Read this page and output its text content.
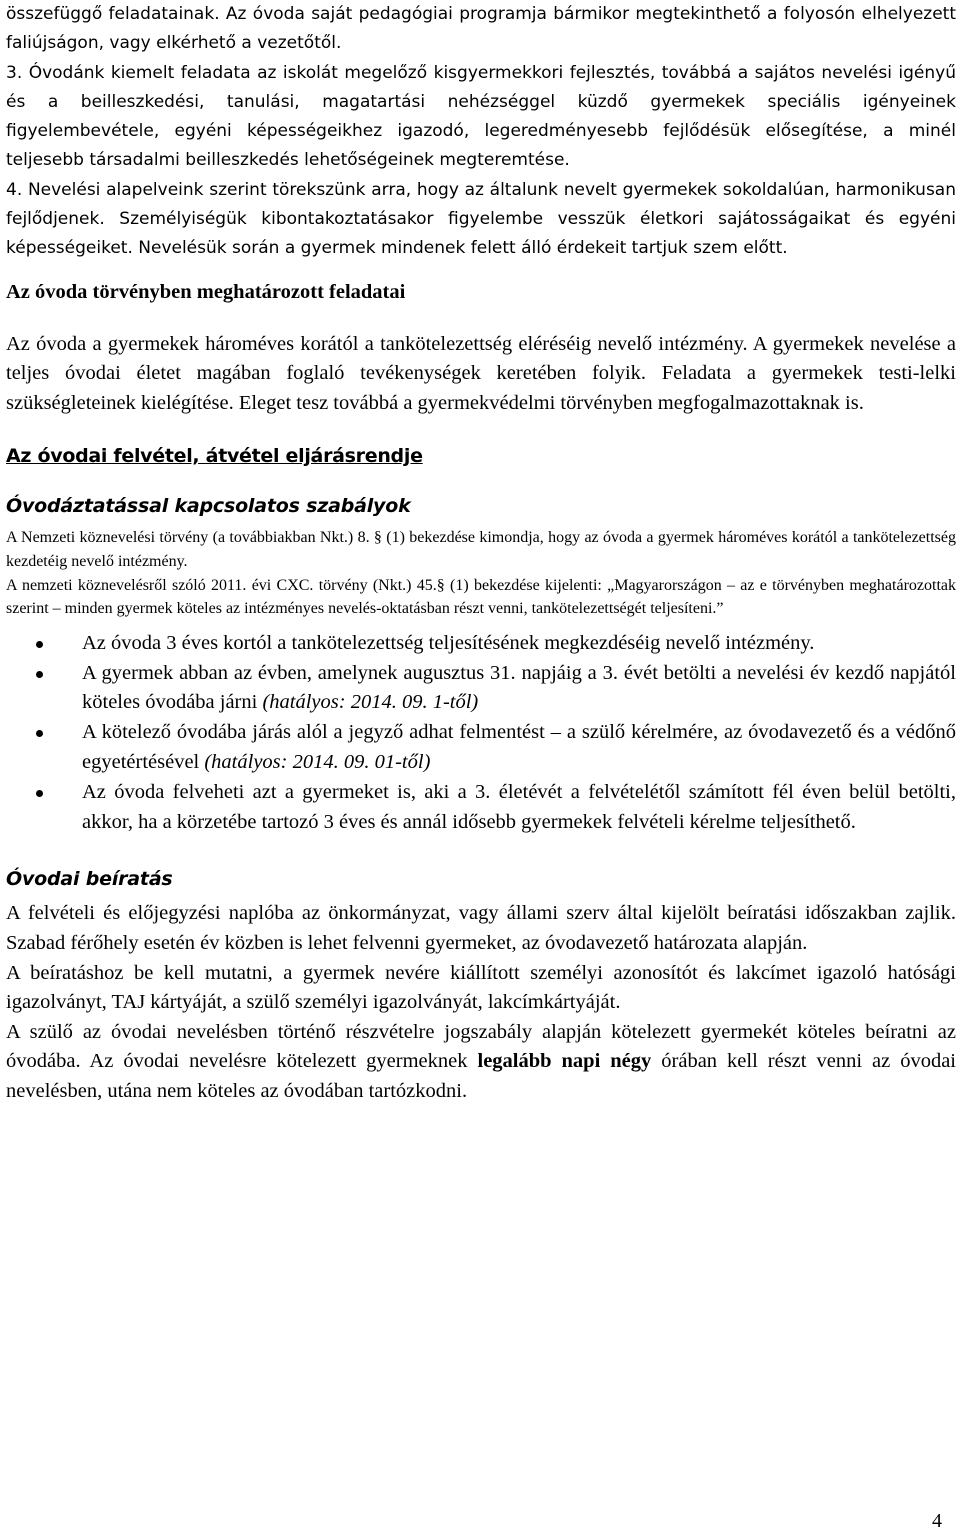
összefüggő feladatainak. Az óvoda saját pedagógiai programja bármikor megtekinthető a folyosón elhelyezett faliújságon, vagy elkérhető a vezetőtől.

3. Óvodánk kiemelt feladata az iskolát megelőző kisgyermekkori fejlesztés, továbbá a sajátos nevelési igényű és a beilleszkedési, tanulási, magatartási nehézséggel küzdő gyermekek speciális igényeinek figyelembevétele, egyéni képességeikhez igazodó, legeredményesebb fejlődésük elősegítése, a minél teljesebb társadalmi beilleszkedés lehetőségeinek megteremtése.

4. Nevelési alapelveink szerint törekszünk arra, hogy az általunk nevelt gyermekek sokoldalúan, harmonikusan fejlődjenek. Személyiségük kibontakoztatásakor figyelembe vesszük életkori sajátosságaikat és egyéni képességeiket. Nevelésük során a gyermek mindenek felett álló érdekeit tartjuk szem előtt.

Az óvoda törvényben meghatározott feladatai

Az óvoda a gyermekek hároméves korától a tankötelezettség eléréséig nevelő intézmény. A gyermekek nevelése a teljes óvodai életet magában foglaló tevékenységek keretében folyik. Feladata a gyermekek testi-lelki szükségleteinek kielégítése. Eleget tesz továbbá a gyermekvédelmi törvényben megfogalmazottaknak is.

Az óvodai felvétel, átvétel eljárásrendje

Óvodáztatással kapcsolatos szabályok

A Nemzeti köznevelési törvény (a továbbiakban Nkt.) 8. § (1) bekezdése kimondja, hogy az óvoda a gyermek hároméves korától a tankötelezettség kezdetéig nevelő intézmény.

A nemzeti köznevelésről szóló 2011. évi CXC. törvény (Nkt.) 45.§ (1) bekezdése kijelenti: „Magyarországon – az e törvényben meghatározottak szerint – minden gyermek köteles az intézményes nevelés-oktatásban részt venni, tankötelezettségét teljesíteni.”

Az óvoda 3 éves kortól a tankötelezettség teljesítésének megkezdéséig nevelő intézmény.
A gyermek abban az évben, amelynek augusztus 31. napjáig a 3. évét betölti a nevelési év kezdő napjától köteles óvodába járni (hatályos: 2014. 09. 1-től)
A kötelező óvodába járás alól a jegyző adhat felmentést – a szülő kérelmére, az óvodavezető és a védőnő egyetértésével (hatályos: 2014. 09. 01-től)
Az óvoda felveheti azt a gyermeket is, aki a 3. életévét a felvételétől számított fél éven belül betölti, akkor, ha a körzetébe tartozó 3 éves és annál idősebb gyermekek felvételi kérelme teljesíthető.

Óvodai beíratás

A felvételi és előjegyzési naplóba az önkormányzat, vagy állami szerv által kijelölt beíratási időszakban zajlik. Szabad férőhely esetén év közben is lehet felvenni gyermeket, az óvodavezető határozata alapján.

A beíratáshoz be kell mutatni, a gyermek nevére kiállított személyi azonosítót és lakcímet igazoló hatósági igazolványt, TAJ kártyáját, a szülő személyi igazolványát, lakcímkártyáját.

A szülő az óvodai nevelésben történő részvételre jogszabály alapján kötelezett gyermekét köteles beíratni az óvodába. Az óvodai nevelésre kötelezett gyermeknek legalább napi négy órában kell részt venni az óvodai nevelésben, utána nem köteles az óvodában tartózkodni.

4
